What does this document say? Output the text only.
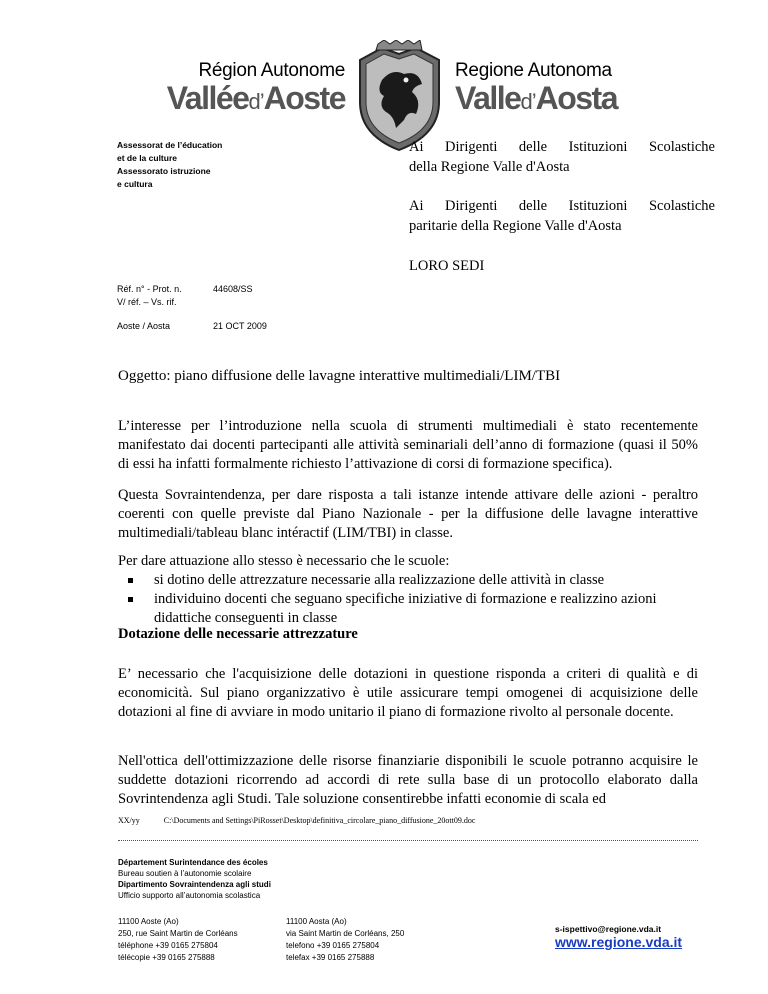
Région Autonome
Valléed’Aoste
Regione Autonoma
Valled’Aosta
Assessorat de l’éducation
et de la culture
Assessorato istruzione
e cultura
Ai Dirigenti delle Istituzioni Scolastiche
della Regione Valle d'Aosta
Ai Dirigenti delle Istituzioni Scolastiche
paritarie della Regione Valle d'Aosta
LORO SEDI
Réf. n° - Prot. n.
V/ réf. – Vs. rif.
44608/SS
Aoste / Aosta	21 OCT 2009
Oggetto: piano diffusione delle lavagne interattive multimediali/LIM/TBI
L’interesse per l’introduzione nella scuola di strumenti multimediali è stato recentemente manifestato dai docenti partecipanti alle attività seminariali dell’anno di formazione (quasi il 50% di essi ha infatti formalmente richiesto l’attivazione di corsi di formazione specifica).
Questa Sovraintendenza, per dare risposta a tali istanze intende attivare delle azioni - peraltro coerenti con quelle previste dal Piano Nazionale - per la diffusione delle lavagne interattive multimediali/tableau blanc intéractif (LIM/TBI) in classe.
Per dare attuazione allo stesso è necessario che le scuole:
si dotino delle attrezzature necessarie alla realizzazione delle attività in classe
individuino docenti che seguano specifiche iniziative di formazione e realizzino azioni didattiche conseguenti in classe
Dotazione delle necessarie attrezzature
E’ necessario che l'acquisizione delle dotazioni in questione risponda a criteri di qualità e di economicità. Sul piano organizzativo è utile assicurare tempi omogenei di acquisizione delle dotazioni al fine di avviare in modo unitario il piano di formazione rivolto al personale docente.
Nell'ottica dell'ottimizzazione delle risorse finanziarie disponibili le scuole potranno acquisire le suddette dotazioni ricorrendo ad accordi di rete sulla base di un protocollo elaborato dalla Sovrintendenza agli Studi. Tale soluzione consentirebbe infatti economie di scala ed
XX/yy	C:\Documents and Settings\PiRosset\Desktop\definitiva_circolare_piano_diffusione_20ott09.doc
Département Surintendance des écoles
Bureau soutien à l’autonomie scolaire
Dipartimento Sovraintendenza agli studi
Ufficio supporto all’autonomia scolastica
11100 Aoste (Ao)
250, rue Saint Martin de Corléans
téléphone +39 0165 275804
télécopie +39 0165 275888
11100 Aosta (Ao)
via Saint Martin de Corléans, 250
telefono +39 0165 275804
telefax +39 0165 275888
s-ispettivo@regione.vda.it
www.regione.vda.it
